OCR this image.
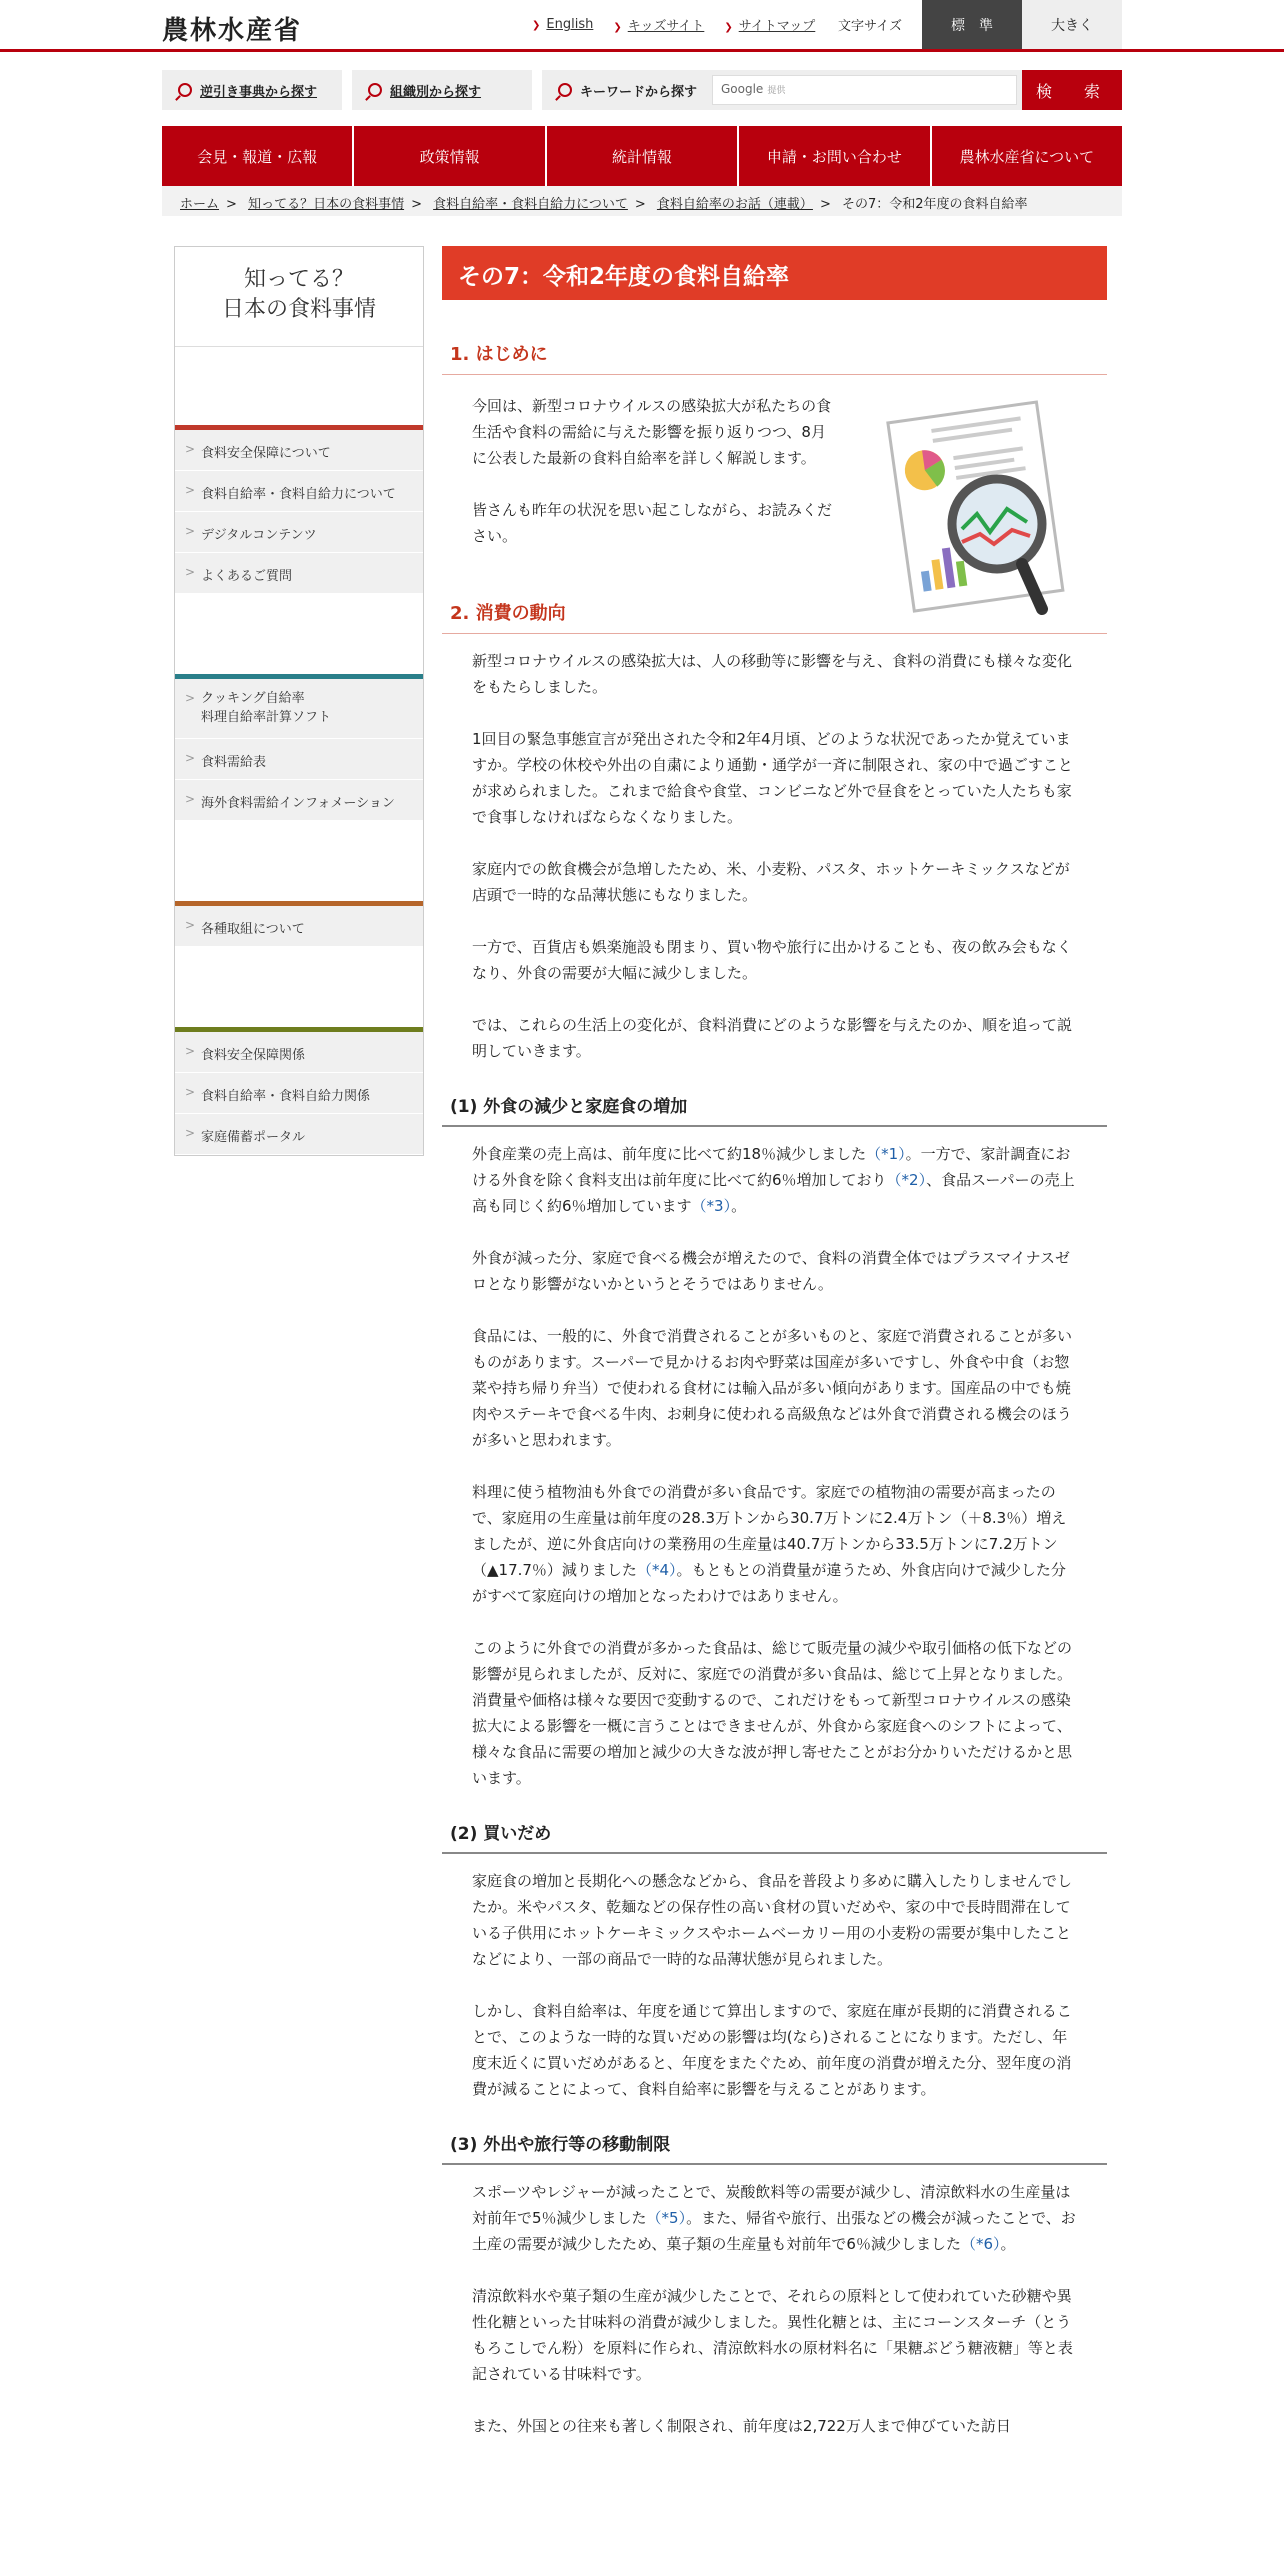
農林水産省	❯ English ❯ キッズサイト ❯ サイトマップ 文字サイズ	標　準	大きく
逆引き事典から探す	組織別から探す	キーワードから探す	Google 提供	検　索
会見・報道・広報	政策情報	統計情報	申請・お問い合わせ	農林水産省について
ホーム > 知ってる？日本の食料事情 > 食料自給率・食料自給力について > 食料自給率のお話（連載） > その7：令和2年度の食料自給率
知ってる？
日本の食料事情
> 食料安全保障について
> 食料自給率・食料自給力について
> デジタルコンテンツ
> よくあるご質問
> クッキング自給率
料理自給率計算ソフト
> 食料需給表
> 海外食料需給インフォメーション
> 各種取組について
> 食料安全保障関係
> 食料自給率・食料自給力関係
> 家庭備蓄ポータル
その7：令和2年度の食料自給率
1. はじめに
今回は、新型コロナウイルスの感染拡大が私たちの食生活や食料の需給に与えた影響を振り返りつつ、8月に公表した最新の食料自給率を詳しく解説します。
皆さんも昨年の状況を思い起こしながら、お読みください。
2. 消費の動向
新型コロナウイルスの感染拡大は、人の移動等に影響を与え、食料の消費にも様々な変化をもたらしました。
1回目の緊急事態宣言が発出された令和2年4月頃、どのような状況であったか覚えていますか。学校の休校や外出の自粛により通勤・通学が一斉に制限され、家の中で過ごすことが求められました。これまで給食や食堂、コンビニなど外で昼食をとっていた人たちも家で食事しなければならなくなりました。
家庭内での飲食機会が急増したため、米、小麦粉、パスタ、ホットケーキミックスなどが店頭で一時的な品薄状態にもなりました。
一方で、百貨店も娯楽施設も閉まり、買い物や旅行に出かけることも、夜の飲み会もなくなり、外食の需要が大幅に減少しました。
では、これらの生活上の変化が、食料消費にどのような影響を与えたのか、順を追って説明していきます。
(1) 外食の減少と家庭食の増加
外食産業の売上高は、前年度に比べて約18％減少しました（*1）。一方で、家計調査における外食を除く食料支出は前年度に比べて約6％増加しており（*2）、食品スーパーの売上高も同じく約6％増加しています（*3）。
外食が減った分、家庭で食べる機会が増えたので、食料の消費全体ではプラスマイナスゼロとなり影響がないかというとそうではありません。
食品には、一般的に、外食で消費されることが多いものと、家庭で消費されることが多いものがあります。スーパーで見かけるお肉や野菜は国産が多いですし、外食や中食（お惣菜や持ち帰り弁当）で使われる食材には輸入品が多い傾向があります。国産品の中でも焼肉やステーキで食べる牛肉、お刺身に使われる高級魚などは外食で消費される機会のほうが多いと思われます。
料理に使う植物油も外食での消費が多い食品です。家庭での植物油の需要が高まったので、家庭用の生産量は前年度の28.3万トンから30.7万トンに2.4万トン（＋8.3％）増えましたが、逆に外食店向けの業務用の生産量は40.7万トンから33.5万トンに7.2万トン（▲17.7％）減りました（*4）。もともとの消費量が違うため、外食店向けで減少した分がすべて家庭向けの増加となったわけではありません。
このように外食での消費が多かった食品は、総じて販売量の減少や取引価格の低下などの影響が見られましたが、反対に、家庭での消費が多い食品は、総じて上昇となりました。消費量や価格は様々な要因で変動するので、これだけをもって新型コロナウイルスの感染拡大による影響を一概に言うことはできませんが、外食から家庭食へのシフトによって、様々な食品に需要の増加と減少の大きな波が押し寄せたことがお分かりいただけるかと思います。
(2) 買いだめ
家庭食の増加と長期化への懸念などから、食品を普段より多めに購入したりしませんでしたか。米やパスタ、乾麺などの保存性の高い食材の買いだめや、家の中で長時間滞在している子供用にホットケーキミックスやホームベーカリー用の小麦粉の需要が集中したことなどにより、一部の商品で一時的な品薄状態が見られました。
しかし、食料自給率は、年度を通じて算出しますので、家庭在庫が長期的に消費されることで、このような一時的な買いだめの影響は均(なら)されることになります。ただし、年度末近くに買いだめがあると、年度をまたぐため、前年度の消費が増えた分、翌年度の消費が減ることによって、食料自給率に影響を与えることがあります。
(3) 外出や旅行等の移動制限
スポーツやレジャーが減ったことで、炭酸飲料等の需要が減少し、清涼飲料水の生産量は対前年で5％減少しました（*5）。また、帰省や旅行、出張などの機会が減ったことで、お土産の需要が減少したため、菓子類の生産量も対前年で6％減少しました（*6）。
清涼飲料水や菓子類の生産が減少したことで、それらの原料として使われていた砂糖や異性化糖といった甘味料の消費が減少しました。異性化糖とは、主にコーンスターチ（とうもろこしでん粉）を原料に作られ、清涼飲料水の原材料名に「果糖ぶどう糖液糖」等と表記されている甘味料です。
また、外国との往来も著しく制限され、前年度は2,722万人まで伸びていた訪日
